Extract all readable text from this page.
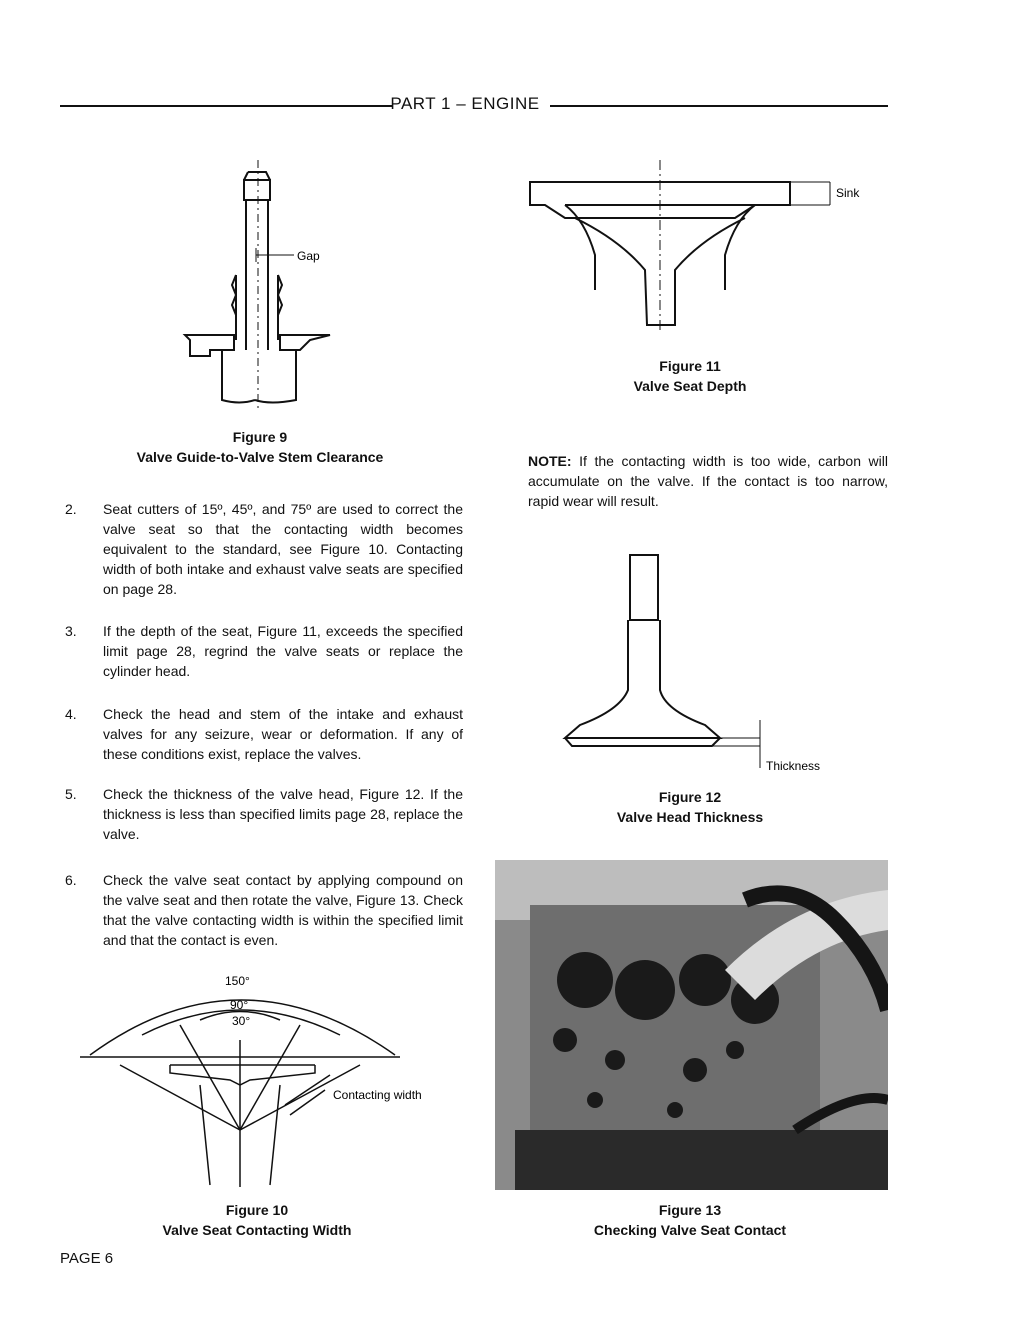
PART 1 – ENGINE
Gap
Figure 9
Valve Guide-to-Valve Stem Clearance
Sink
Figure 11
Valve Seat Depth
NOTE: If the contacting width is too wide, carbon will accumulate on the valve. If the contact is too narrow, rapid wear will result.
2. Seat cutters of 15º, 45º, and 75º are used to correct the valve seat so that the contacting width becomes equivalent to the standard, see Figure 10. Contacting width of both intake and exhaust valve seats are specified on page 28.
3. If the depth of the seat, Figure 11, exceeds the specified limit page 28, regrind the valve seats or replace the cylinder head.
4. Check the head and stem of the intake and exhaust valves for any seizure, wear or deformation. If any of these conditions exist, replace the valves.
5. Check the thickness of the valve head, Figure 12. If the thickness is less than specified limits page 28, replace the valve.
6. Check the valve seat contact by applying compound on the valve seat and then rotate the valve, Figure 13. Check that the valve contacting width is within the specified limit and that the contact is even.
Thickness
Figure 12
Valve Head Thickness
Figure 13
Checking Valve Seat Contact
150°
90°
30°
Contacting width
Figure 10
Valve Seat Contacting Width
PAGE 6
